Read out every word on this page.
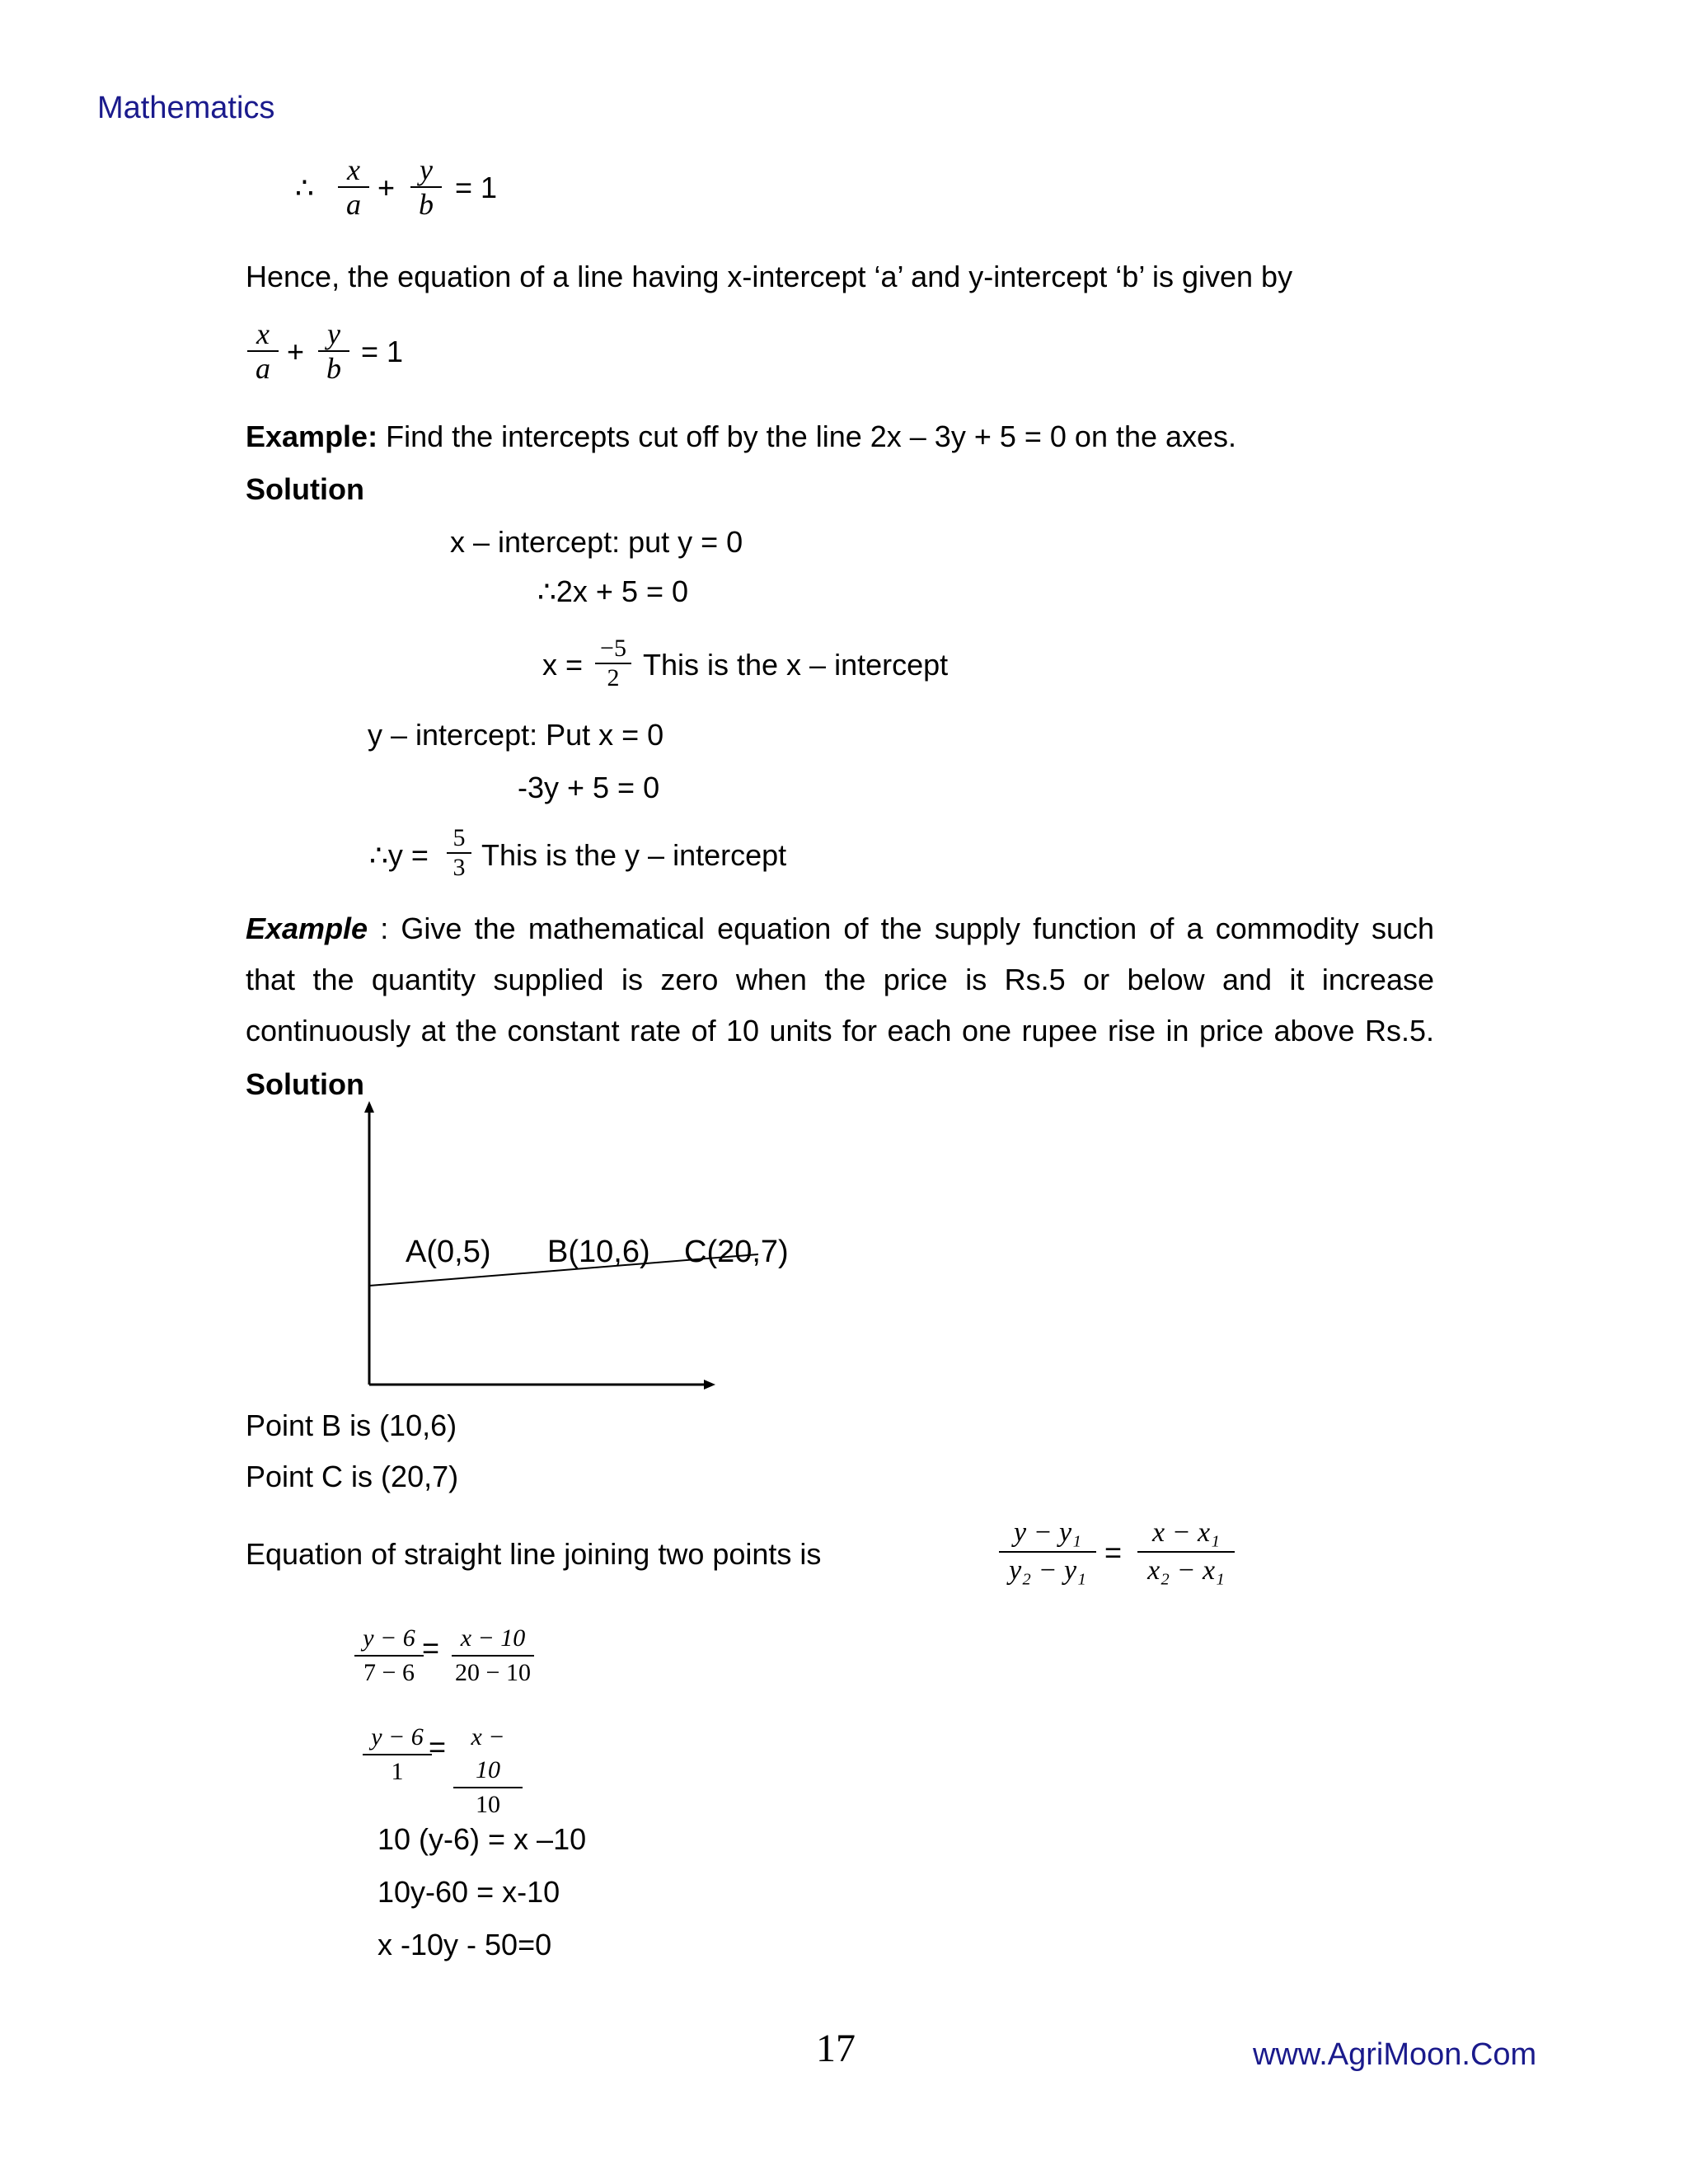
Mathematics
∴
x
a +
y
b = 1
Hence, the equation of a line having x-intercept ‘a’ and y-intercept ‘b’ is given by
x
a +
y
b = 1
Example: Find the intercepts cut off by the line 2x – 3y + 5 = 0 on the axes.
Solution
x – intercept: put y = 0
∴2x + 5 = 0
x = −5
2 This is the x – intercept
y – intercept: Put x = 0
-3y + 5 = 0
∴y =
5
3 This is the y – intercept
Example : Give the mathematical equation of the supply function of a commodity such that the quantity supplied is zero when the price is Rs.5 or below and it increase continuously at the constant rate of 10 units for each one rupee rise in price above Rs.5.
Solution
A(0,5) B(10,6) C(20,7)
Point B is (10,6)
Point C is (20,7)
Equation of straight line joining two points is
y − y₁
y₂ − y₁
=
x − x₁
x₂ − x₁
y − 6
7 − 6
= x − 10
20 − 10
y − 6
1
=	x − 10
10
10 (y-6) = x –10
10y-60 = x-10
x -10y - 50=0
17	www.AgriMoon.Com
